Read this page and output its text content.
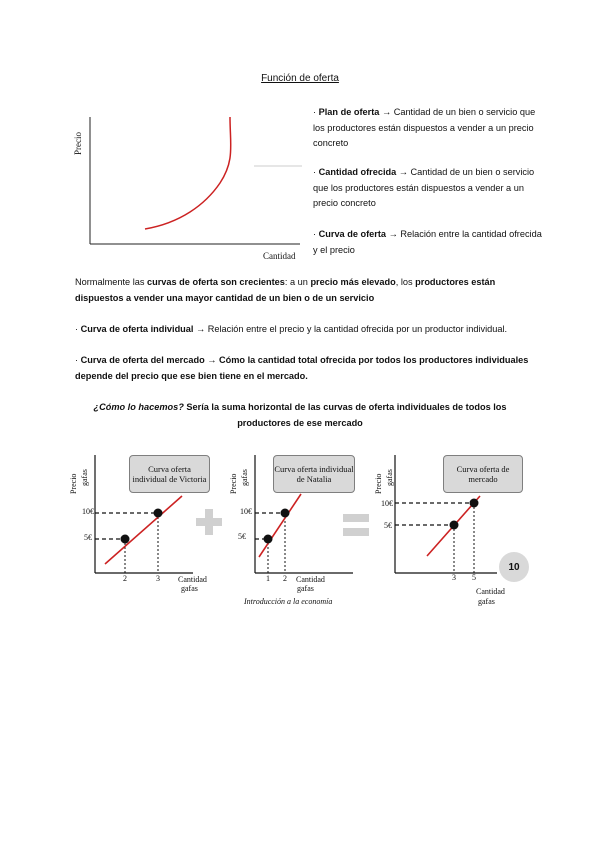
Función de oferta
Precio
Cantidad
· Plan de oferta → Cantidad de un bien o servicio que los productores están dispuestos a vender a un precio concreto
· Cantidad ofrecida → Cantidad de un bien o servicio que los productores están dispuestos a vender a un precio concreto
· Curva de oferta → Relación entre la cantidad ofrecida y el precio
Normalmente las curvas de oferta son crecientes: a un precio más elevado, los productores están dispuestos a vender una mayor cantidad de un bien o de un servicio
· Curva de oferta individual → Relación entre el precio y la cantidad ofrecida por un productor individual.
· Curva de oferta del mercado → Cómo la cantidad total ofrecida por todos los productores individuales depende del precio que ese bien tiene en el mercado.
¿Cómo lo hacemos? Sería la suma horizontal de las curvas de oferta individuales de todos los productores de ese mercado
Precio gafas
10€
5€
2	3 Cantidad
gafas
Curva oferta individual de Victoria	Precio gafas
10€
5€
1 2 Cantidad
gafas
Curva oferta individual de Natalia
Introducción a la economía
Precio gafas
10€
5€
3 5
Cantidad
gafas
Curva oferta de mercado
10
